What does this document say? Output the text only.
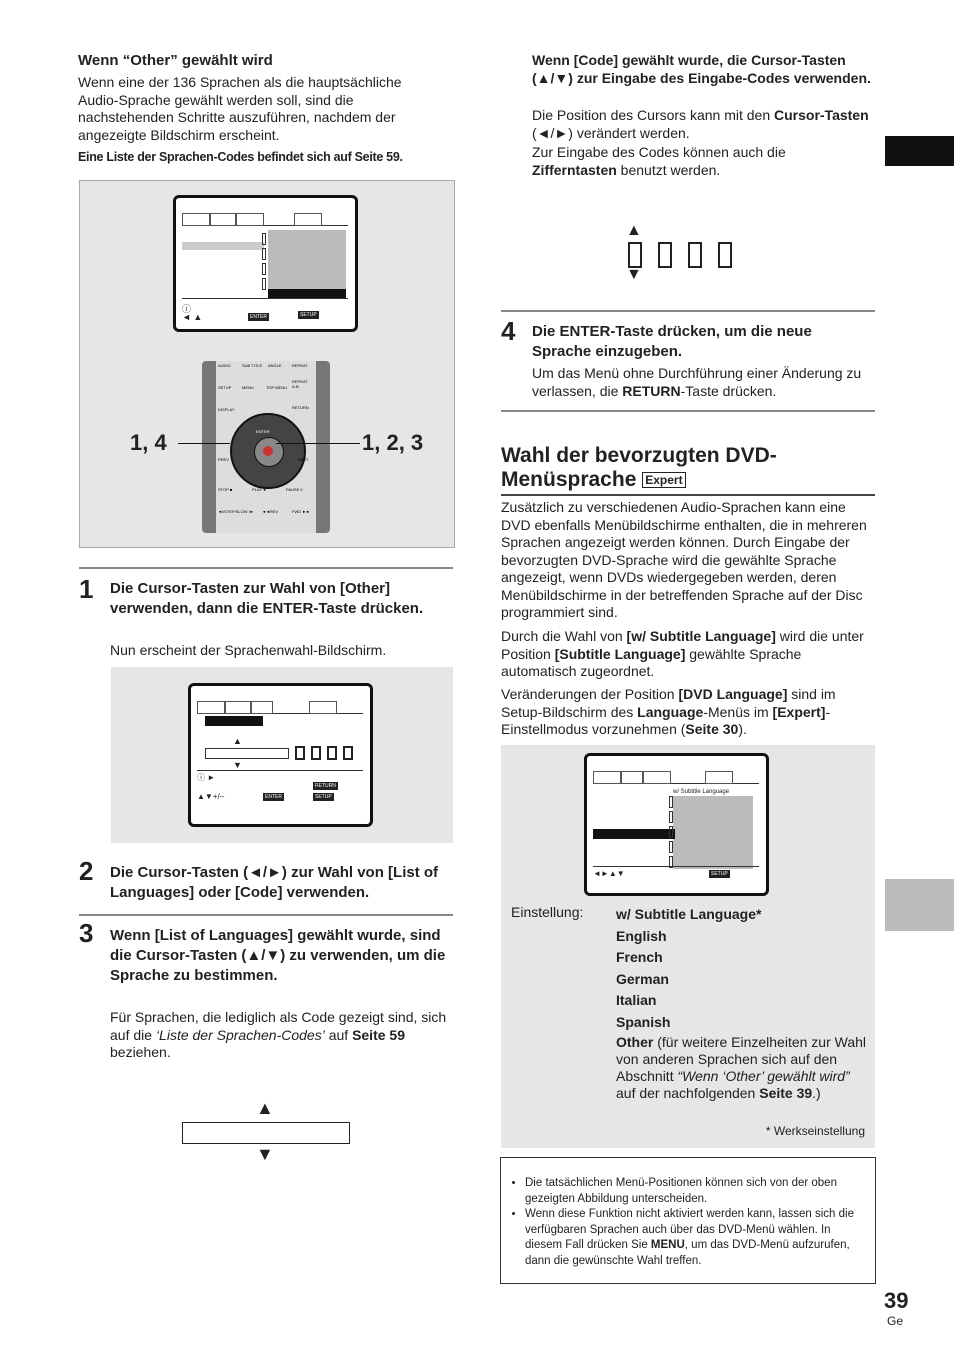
Wenn “Other” gewählt wird

Wenn eine der 136 Sprachen als die hauptsächliche Audio-Sprache gewählt werden soll, sind die nachstehenden Schritte auszuführen, nachdem der angezeigte Bildschirm erscheint.

Eine Liste der Sprachen-Codes befindet sich auf Seite 59.
ⓘ
◄ ▲	ENTER	SETUP
AUDIO	SUB TITLE ANGLE	REPEAT
SETUP	MENU	TOP MENU
REPEAT A-B
RETURN
DISPLAY
ENTER
PREV	NEXT
STOP ■	PLAY ►	PAUSE II
◄I/STEP/SLOW I► ◄◄REV	FWD ►►
1, 4	1, 2, 3
1 Die Cursor-Tasten zur Wahl von [Other] verwenden, dann die ENTER-Taste drücken.
Nun erscheint der Sprachenwahl-Bildschirm.
▲
▼
ⓘ ►
▲▼+/–	ENTER
RETURN
SETUP
2 Die Cursor-Tasten (◄/►) zur Wahl von [List of Languages] oder [Code] verwenden.
3 Wenn [List of Languages] gewählt wurde, sind die Cursor-Tasten (▲/▼) zu verwenden, um die Sprache zu bestimmen.

Für Sprachen, die lediglich als Code gezeigt sind, sich auf die ‘Liste der Sprachen-Codes’ auf Seite 59 beziehen.

▲
▼
Wenn [Code] gewählt wurde, die Cursor-Tasten (▲/▼) zur Eingabe des Eingabe-Codes verwenden.

Die Position des Cursors kann mit den Cursor-Tasten (◄/►) verändert werden.

Zur Eingabe des Codes können auch die Zifferntasten benutzt werden.

▲
▼
4 Die ENTER-Taste drücken, um die neue Sprache einzugeben.

Um das Menü ohne Durchführung einer Änderung zu verlassen, die RETURN-Taste drücken.

Wahl der bevorzugten DVD-Menüsprache Expert

Zusätzlich zu verschiedenen Audio-Sprachen kann eine DVD ebenfalls Menübildschirme enthalten, die in mehreren Sprachen angezeigt werden können. Durch Eingabe der bevorzugten DVD-Sprache wird die gewählte Sprache angezeigt, wenn DVDs wiedergegeben werden, deren Menübildschirme in der betreffenden Sprache auf der Disc programmiert sind.

Durch die Wahl von [w/ Subtitle Language] wird die unter Position [Subtitle Language] gewählte Sprache automatisch zugeordnet.

Veränderungen der Position [DVD Language] sind im Setup-Bildschirm des Language-Menüs im [Expert]-Einstellmodus vorzunehmen (Seite 30).

w/ Subtitle Language
◄►▲▼	SETUP
Einstellung: w/ Subtitle Language*
English
French
German
Italian
Spanish

Other (für weitere Einzelheiten zur Wahl von anderen Sprachen sich auf den Abschnitt “Wenn ‘Other’ gewählt wird” auf der nachfolgenden Seite 39.)

* Werkseinstellung
• Die tatsächlichen Menü-Positionen können sich von der oben gezeigten Abbildung unterscheiden.
• Wenn diese Funktion nicht aktiviert werden kann, lassen sich die verfügbaren Sprachen auch über das DVD-Menü wählen. In diesem Fall drücken Sie MENU, um das DVD-Menü aufzurufen, dann die gewünschte Wahl treffen.
39
Ge
